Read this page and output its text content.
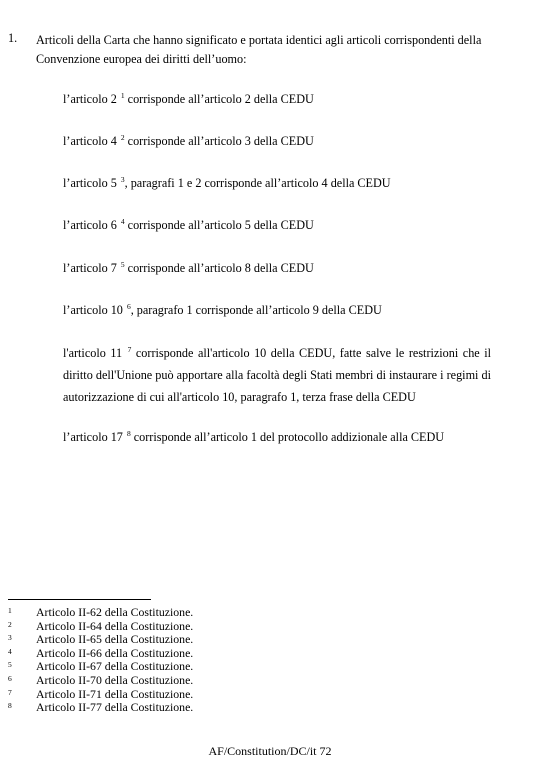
1. Articoli della Carta che hanno significato e portata identici agli articoli corrispondenti della Convenzione europea dei diritti dell’uomo:
l’articolo 2 $^1$ corrisponde all’articolo 2 della CEDU
l’articolo 4 $^2$ corrisponde all’articolo 3 della CEDU
l’articolo 5 $^3$, paragrafi 1 e 2 corrisponde all’articolo 4 della CEDU
l’articolo 6 $^4$ corrisponde all’articolo 5 della CEDU
l’articolo 7 $^5$ corrisponde all’articolo 8 della CEDU
l’articolo 10 $^6$, paragrafo 1 corrisponde all’articolo 9 della CEDU
l'articolo 11 $^7$ corrisponde all'articolo 10 della CEDU, fatte salve le restrizioni che il diritto dell'Unione può apportare alla facoltà degli Stati membri di instaurare i regimi di autorizzazione di cui all'articolo 10, paragrafo 1, terza frase della CEDU
l’articolo 17 $^8$ corrisponde all’articolo 1 del protocollo addizionale alla CEDU
1 Articolo II-62 della Costituzione.
2 Articolo II-64 della Costituzione.
3 Articolo II-65 della Costituzione.
4 Articolo II-66 della Costituzione.
5 Articolo II-67 della Costituzione.
6 Articolo II-70 della Costituzione.
7 Articolo II-71 della Costituzione.
8 Articolo II-77 della Costituzione.
AF/Constitution/DC/it 72
